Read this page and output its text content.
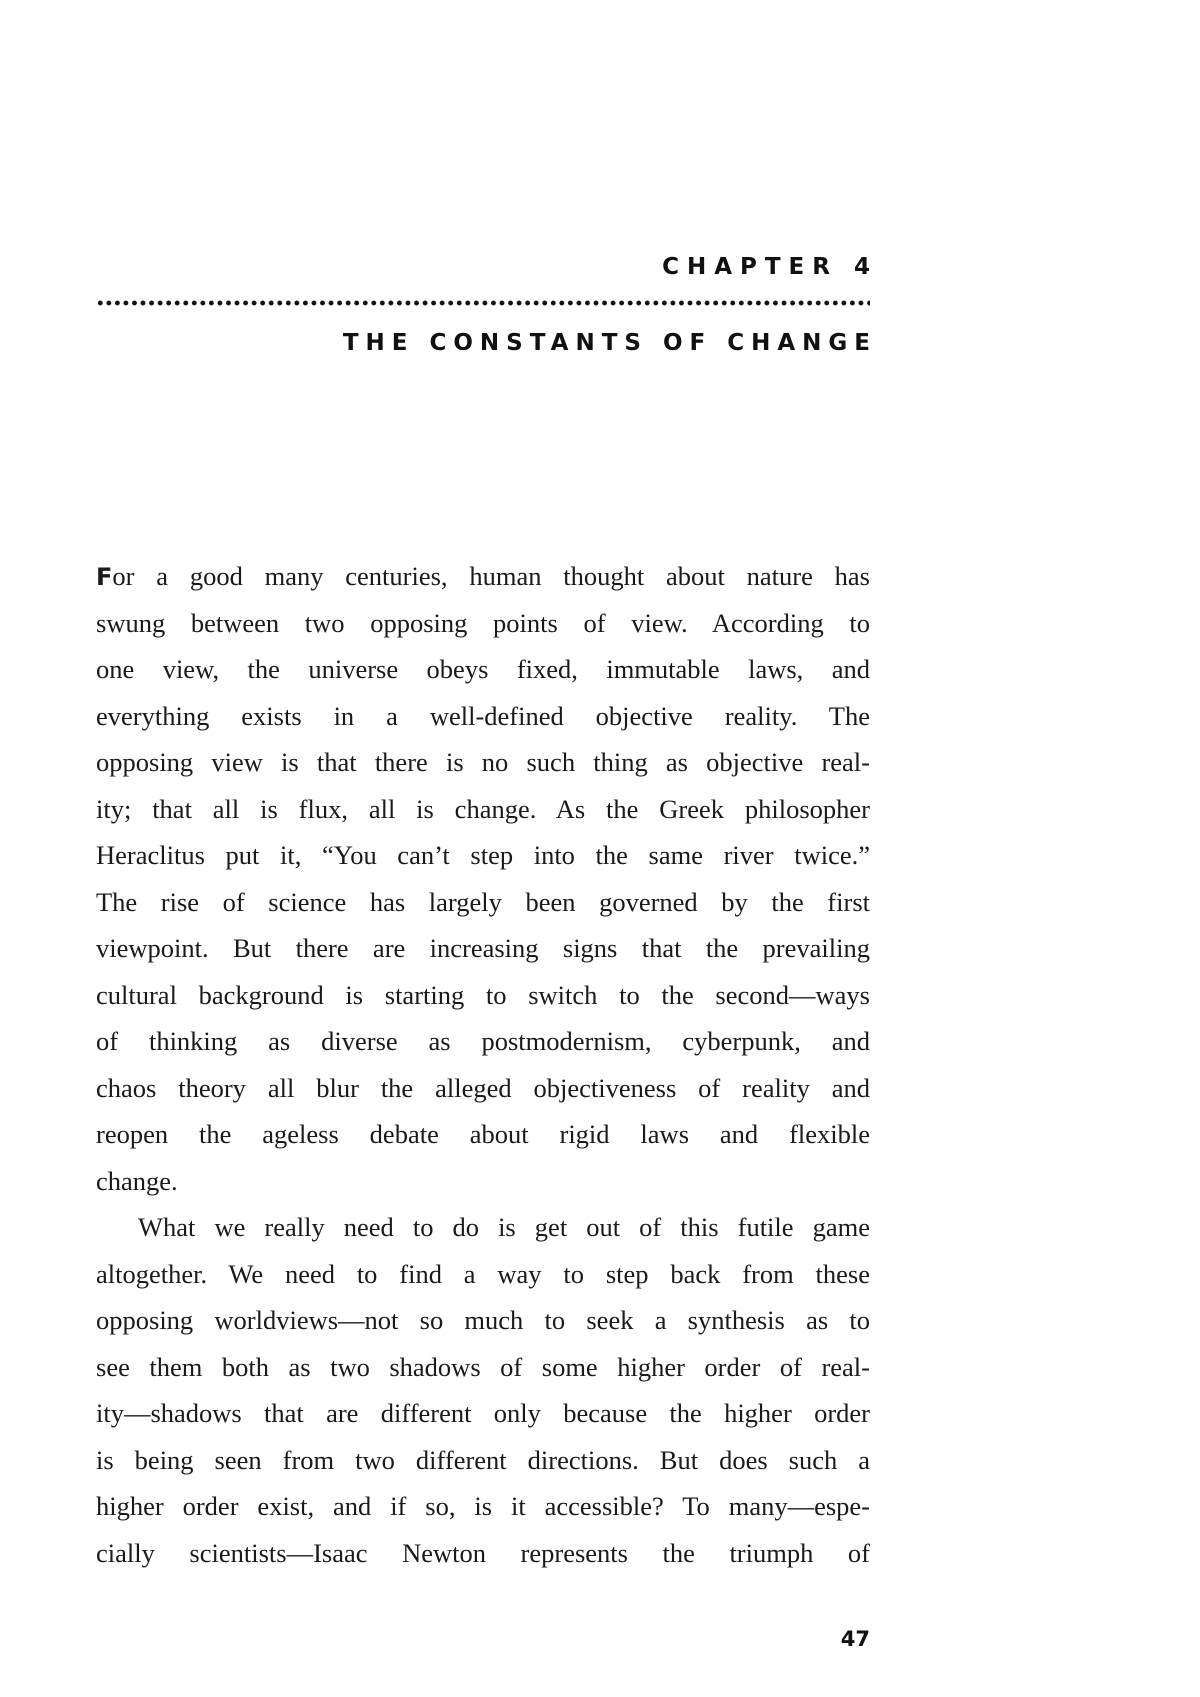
CHAPTER 4
THE CONSTANTS OF CHANGE
For a good many centuries, human thought about nature has
swung between two opposing points of view. According to
one view, the universe obeys fixed, immutable laws, and
everything exists in a well-defined objective reality. The
opposing view is that there is no such thing as objective real-
ity; that all is flux, all is change. As the Greek philosopher
Heraclitus put it, “You can’t step into the same river twice.”
The rise of science has largely been governed by the first
viewpoint. But there are increasing signs that the prevailing
cultural background is starting to switch to the second—ways
of thinking as diverse as postmodernism, cyberpunk, and
chaos theory all blur the alleged objectiveness of reality and
reopen the ageless debate about rigid laws and flexible
change.
What we really need to do is get out of this futile game
altogether. We need to find a way to step back from these
opposing worldviews—not so much to seek a synthesis as to
see them both as two shadows of some higher order of real-
ity—shadows that are different only because the higher order
is being seen from two different directions. But does such a
higher order exist, and if so, is it accessible? To many—espe-
cially scientists—Isaac Newton represents the triumph of
47
